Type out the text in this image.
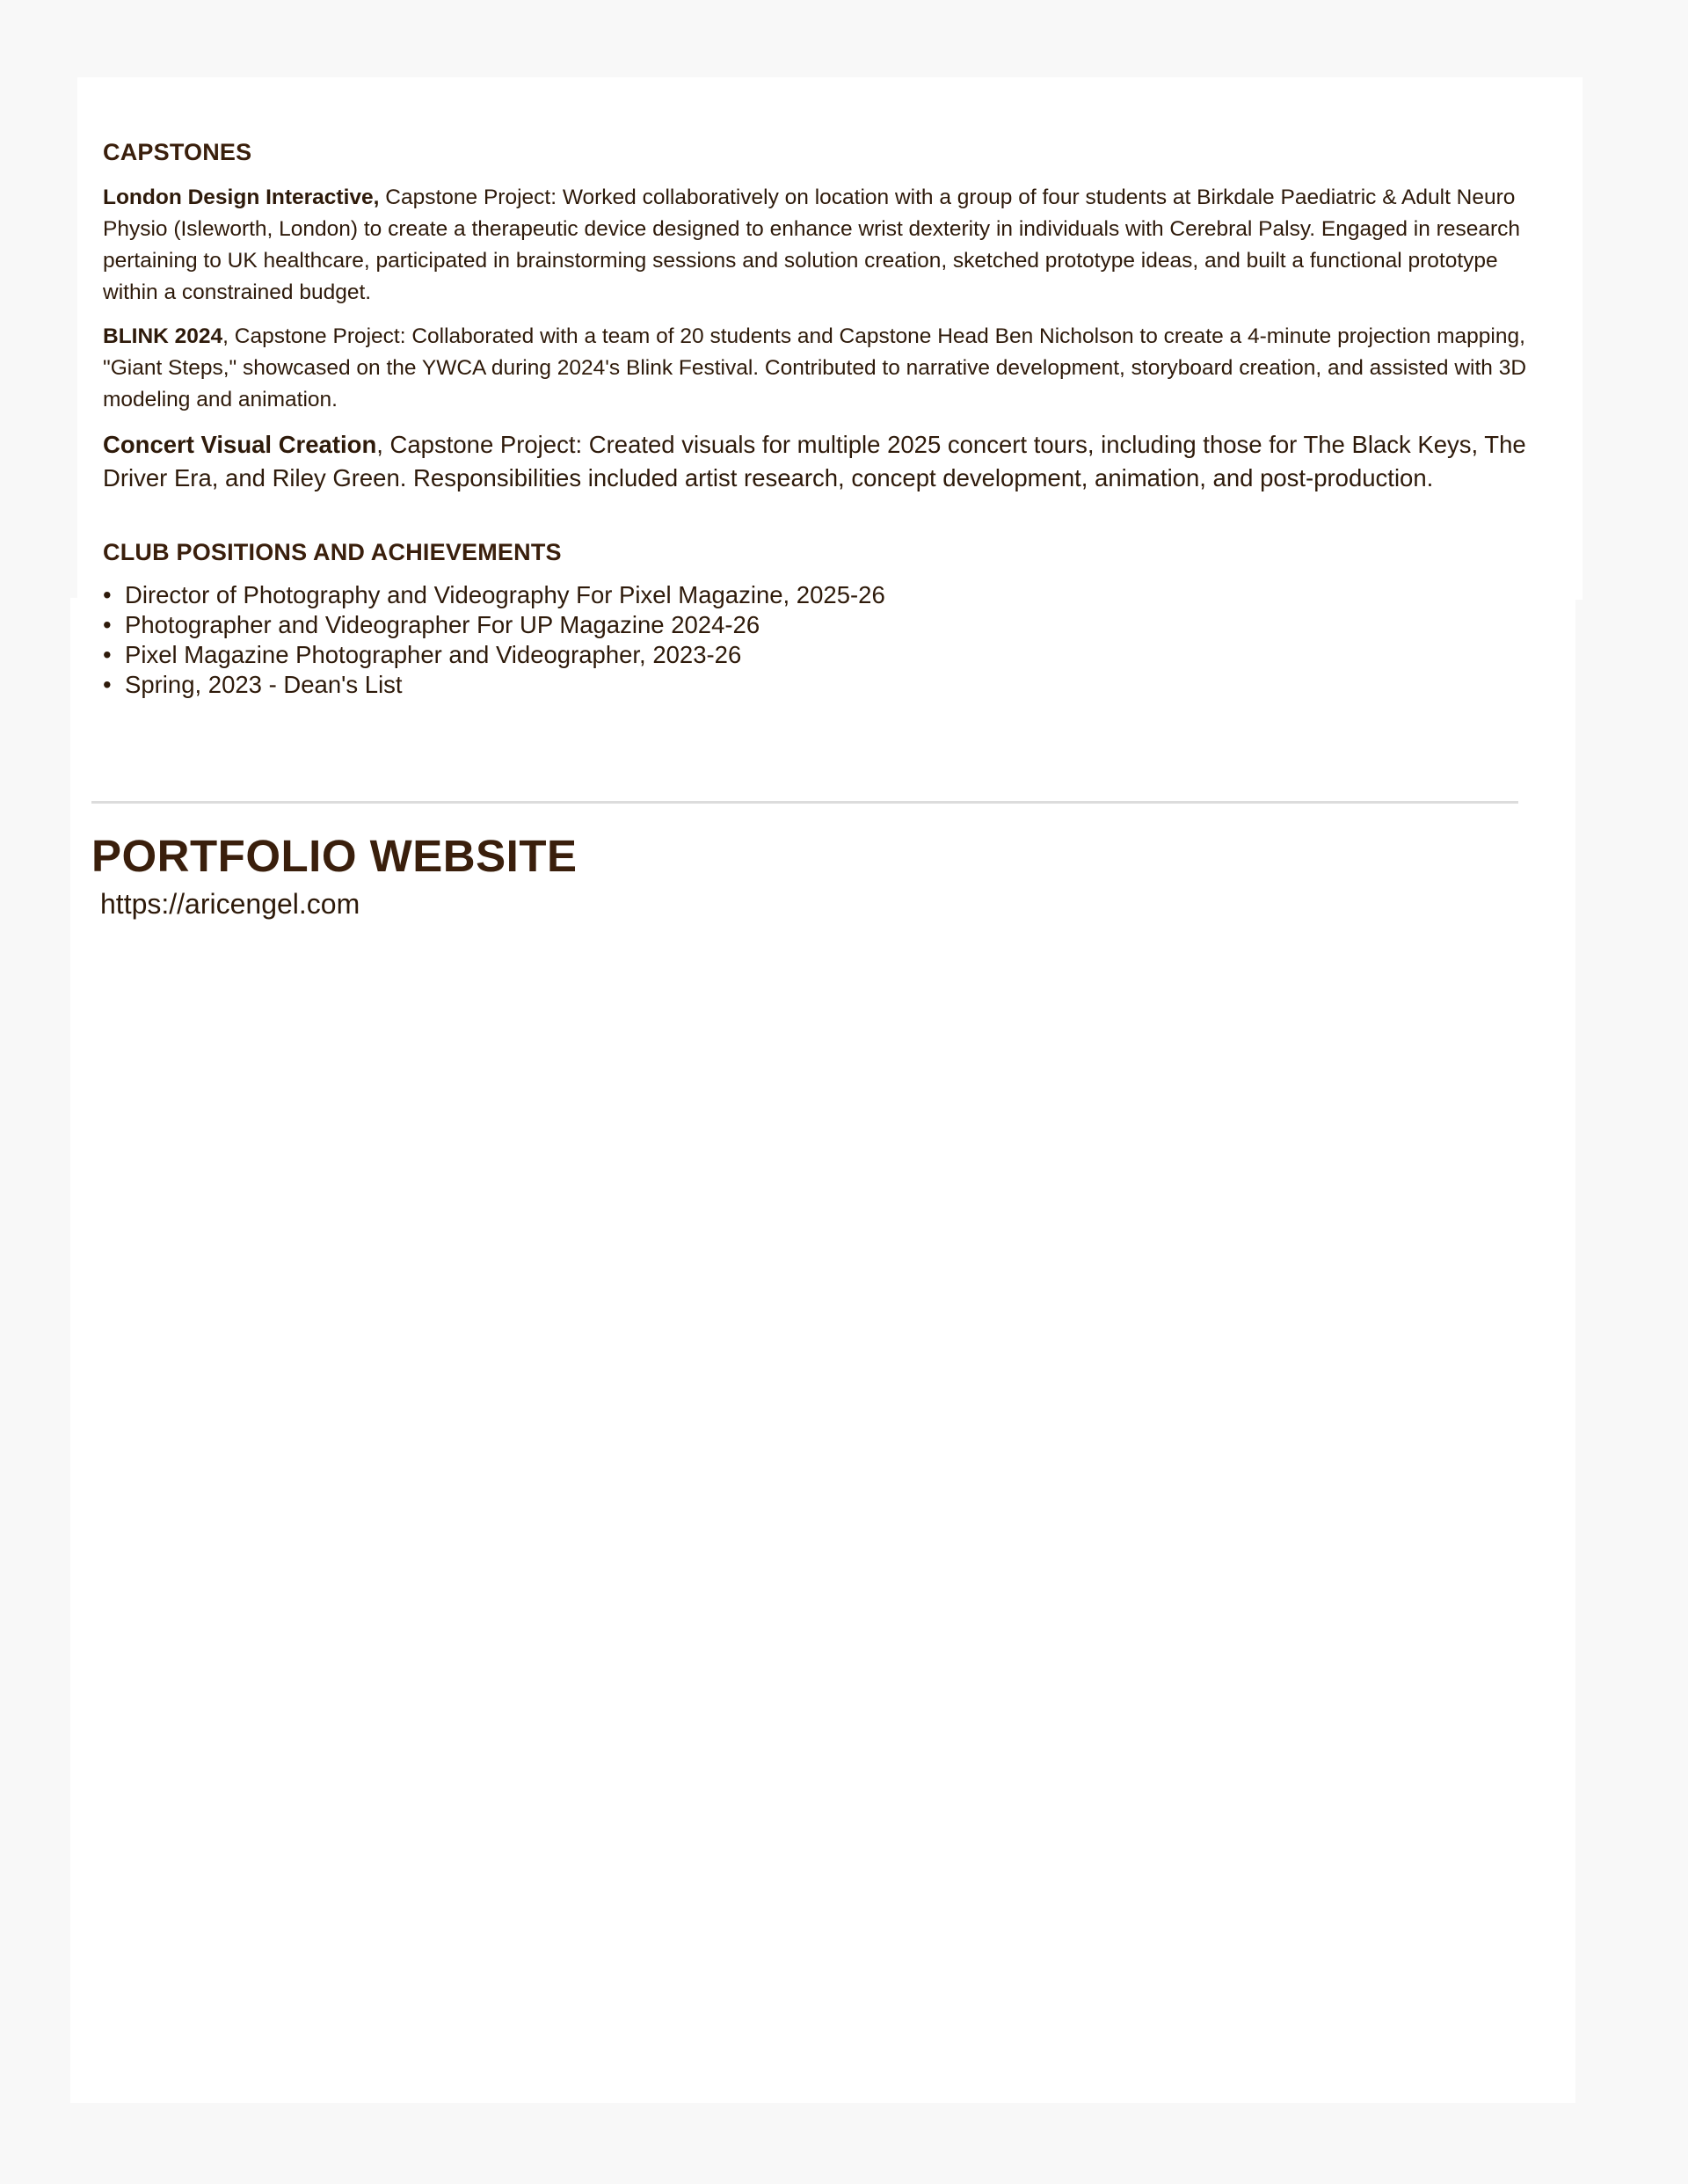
CAPSTONES

London Design Interactive, Capstone Project: Worked collaboratively on location with a group of four students at Birkdale Paediatric & Adult Neuro Physio (Isleworth, London) to create a therapeutic device designed to enhance wrist dexterity in individuals with Cerebral Palsy. Engaged in research pertaining to UK healthcare, participated in brainstorming sessions and solution creation, sketched prototype ideas, and built a functional prototype within a constrained budget.

BLINK 2024, Capstone Project: Collaborated with a team of 20 students and Capstone Head Ben Nicholson to create a 4-minute projection mapping, "Giant Steps," showcased on the YWCA during 2024's Blink Festival. Contributed to narrative development, storyboard creation, and assisted with 3D modeling and animation.

Concert Visual Creation, Capstone Project: Created visuals for multiple 2025 concert tours, including those for The Black Keys, The Driver Era, and Riley Green. Responsibilities included artist research, concept development, animation, and post-production.

CLUB POSITIONS AND ACHIEVEMENTS
• Director of Photography and Videography For Pixel Magazine, 2025-26
• Photographer and Videographer For UP Magazine 2024-26
• Pixel Magazine Photographer and Videographer, 2023-26
• Spring, 2023 - Dean's List
PORTFOLIO WEBSITE

https://aricengel.com
